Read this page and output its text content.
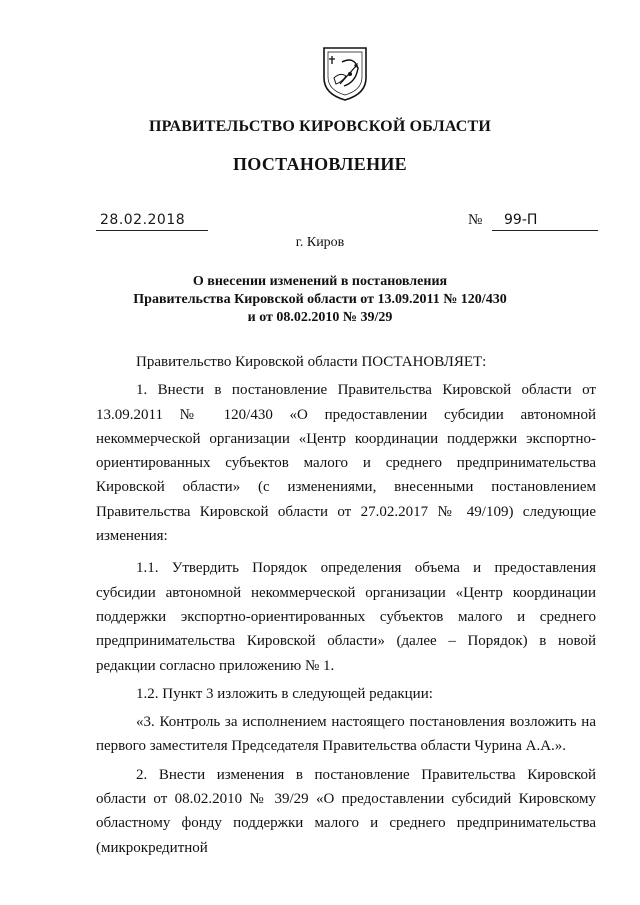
ПРАВИТЕЛЬСТВО КИРОВСКОЙ ОБЛАСТИ
ПОСТАНОВЛЕНИЕ
28.02.2018	№	99-П
г. Киров
О внесении изменений в постановления
Правительства Кировской области от 13.09.2011 № 120/430
и от 08.02.2010 № 39/29

Правительство Кировской области ПОСТАНОВЛЯЕТ:

1. Внести в постановление Правительства Кировской области от 13.09.2011 № 120/430 «О предоставлении субсидии автономной некоммерческой организации «Центр координации поддержки экспортно-ориентированных субъектов малого и среднего предпринимательства Кировской области» (с изменениями, внесенными постановлением Правительства Кировской области от 27.02.2017 № 49/109) следующие изменения:

1.1. Утвердить Порядок определения объема и предоставления субсидии автономной некоммерческой организации «Центр координации поддержки экспортно-ориентированных субъектов малого и среднего предпринимательства Кировской области» (далее – Порядок) в новой редакции согласно приложению № 1.

1.2. Пункт 3 изложить в следующей редакции:

«3. Контроль за исполнением настоящего постановления возложить на первого заместителя Председателя Правительства области Чурина А.А.».

2. Внести изменения в постановление Правительства Кировской области от 08.02.2010 № 39/29 «О предоставлении субсидий Кировскому областному фонду поддержки малого и среднего предпринимательства (микрокредитной
